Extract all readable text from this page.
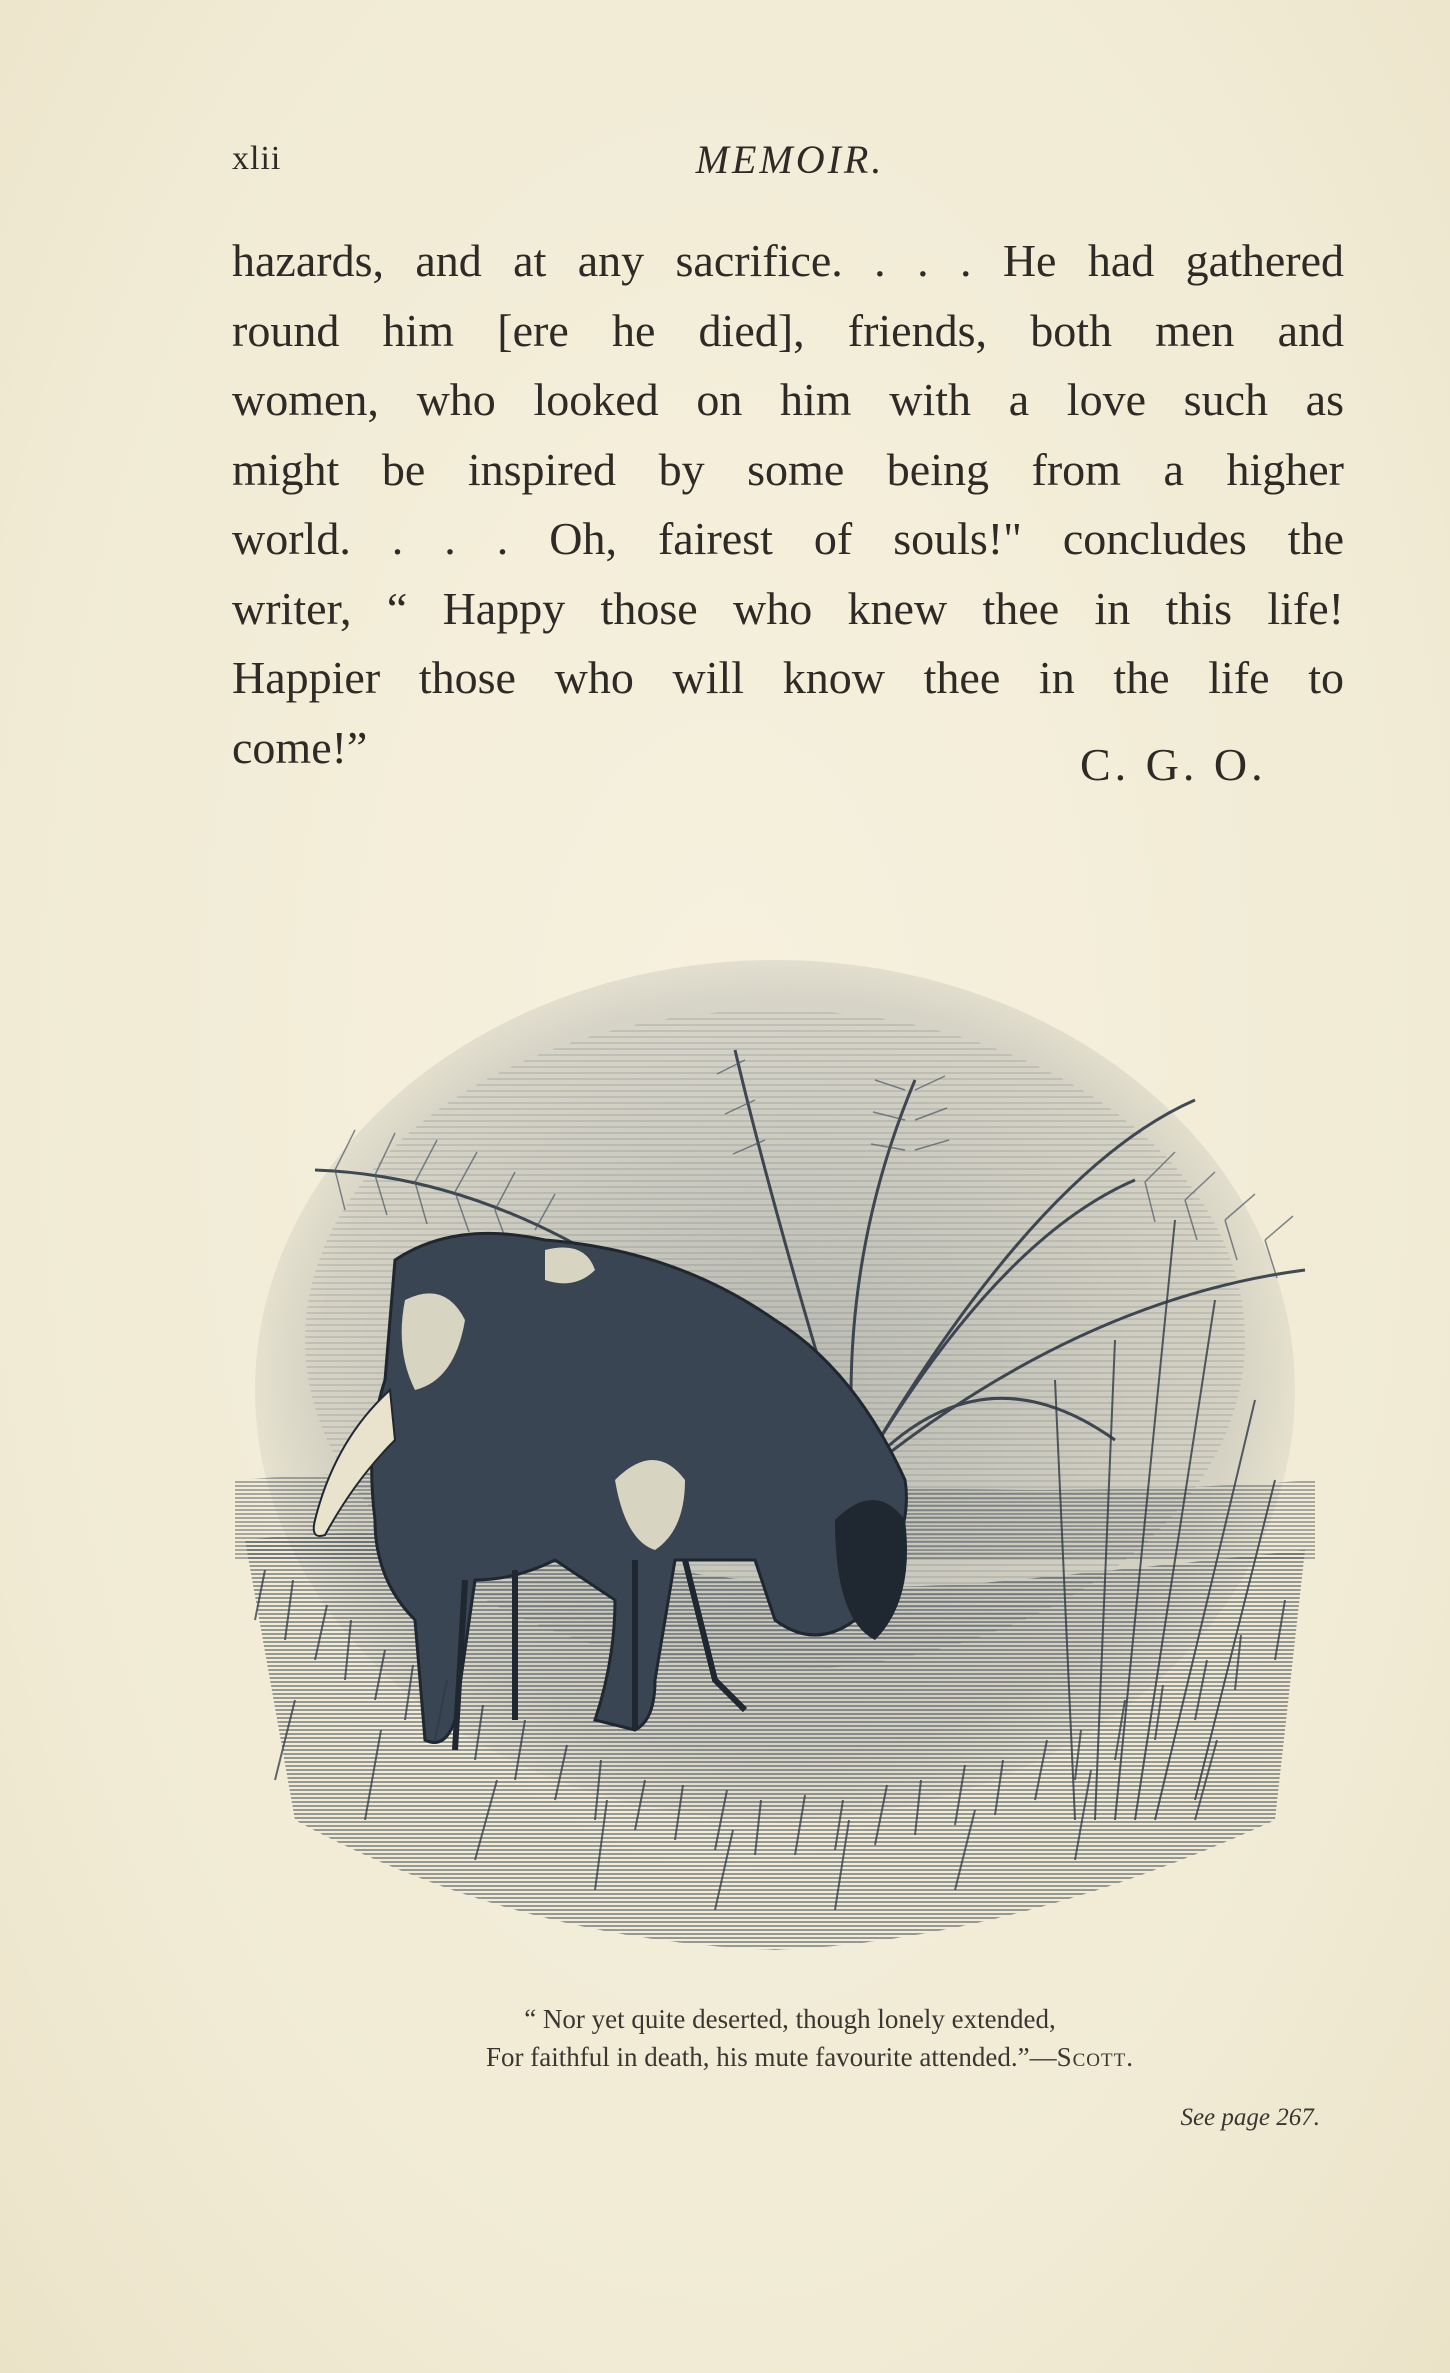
xlii	MEMOIR.
hazards, and at any sacrifice. . . . He had gathered
round him [ere he died], friends, both men and
women, who looked on him with a love such as
might be inspired by some being from a higher
world. . . . Oh, fairest of souls!" concludes the
writer, “ Happy those who knew thee in this life!
Happier those who will know thee in the life to
come!”	C. G. O.
“ Nor yet quite deserted, though lonely extended,
For faithful in death, his mute favourite attended.”—Scott.
See page 267.
